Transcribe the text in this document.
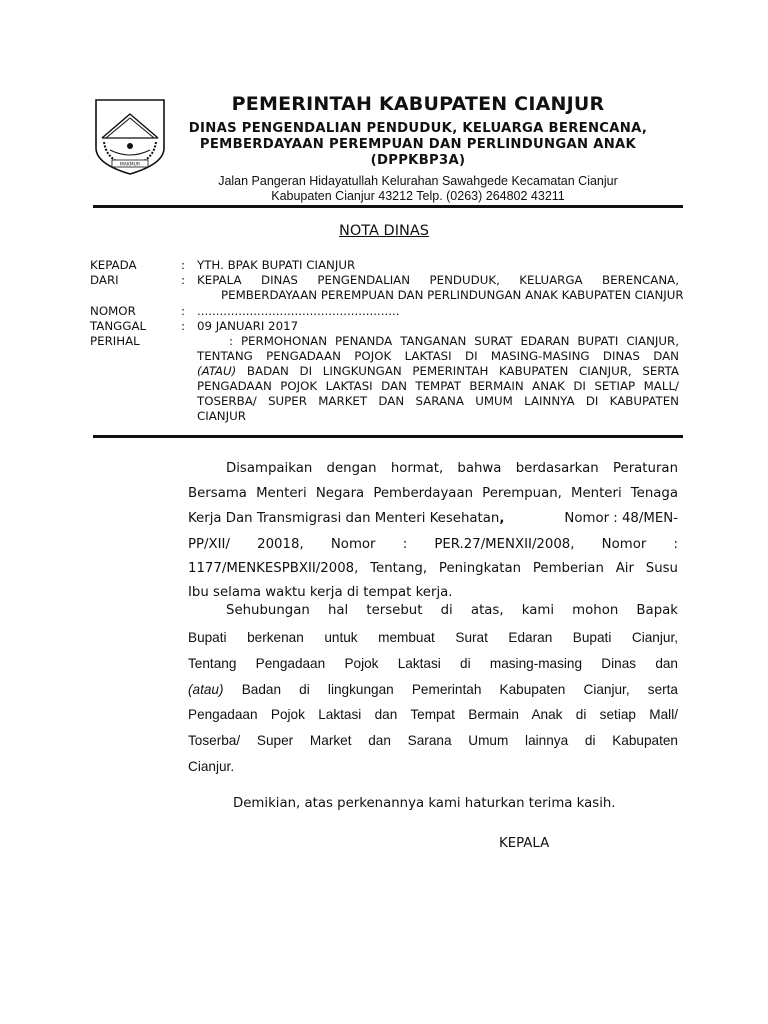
MAKMUR
PEMERINTAH KABUPATEN CIANJUR
DINAS PENGENDALIAN PENDUDUK, KELUARGA BERENCANA,
PEMBERDAYAAN PEREMPUAN DAN PERLINDUNGAN ANAK
(DPPKBP3A)
Jalan Pangeran Hidayatullah Kelurahan Sawahgede Kecamatan Cianjur
Kabupaten Cianjur 43212 Telp. (0263) 264802 43211
NOTA DINAS
KEPADA	: YTH. BPAK BUPATI CIANJUR
DARI	: KEPALA DINAS PENGENDALIAN PENDUDUK, KELUARGA BERENCANA,
PEMBERDAYAAN PEREMPUAN DAN PERLINDUNGAN ANAK KABUPATEN CIANJUR
NOMOR	: ......................................................
TANGGAL	: 09 JANUARI 2017
PERIHAL	: PERMOHONAN PENANDA TANGANAN SURAT EDARAN BUPATI CIANJUR,
TENTANG PENGADAAN POJOK LAKTASI DI MASING-MASING DINAS DAN
(ATAU) BADAN DI LINGKUNGAN PEMERINTAH KABUPATEN CIANJUR, SERTA
PENGADAAN POJOK LAKTASI DAN TEMPAT BERMAIN ANAK DI SETIAP MALL/
TOSERBA/ SUPER MARKET DAN SARANA UMUM LAINNYA DI KABUPATEN
CIANJUR
Disampaikan dengan hormat, bahwa berdasarkan Peraturan
Bersama Menteri Negara Pemberdayaan Perempuan, Menteri Tenaga
Kerja Dan Transmigrasi dan Menteri Kesehatan,	Nomor : 48/MEN-
PP/XII/ 20018, Nomor : PER.27/MENXII/2008, Nomor :
1177/MENKESPBXII/2008, Tentang, Peningkatan Pemberian Air Susu
Ibu selama waktu kerja di tempat kerja.
Sehubungan hal tersebut di atas, kami mohon Bapak
Bupati berkenan untuk membuat Surat Edaran Bupati Cianjur,
Tentang Pengadaan Pojok Laktasi di masing-masing Dinas dan
(atau) Badan di lingkungan Pemerintah Kabupaten Cianjur, serta
Pengadaan Pojok Laktasi dan Tempat Bermain Anak di setiap Mall/
Toserba/ Super Market dan Sarana Umum lainnya di Kabupaten
Cianjur.
Demikian, atas perkenannya kami haturkan terima kasih.
KEPALA
